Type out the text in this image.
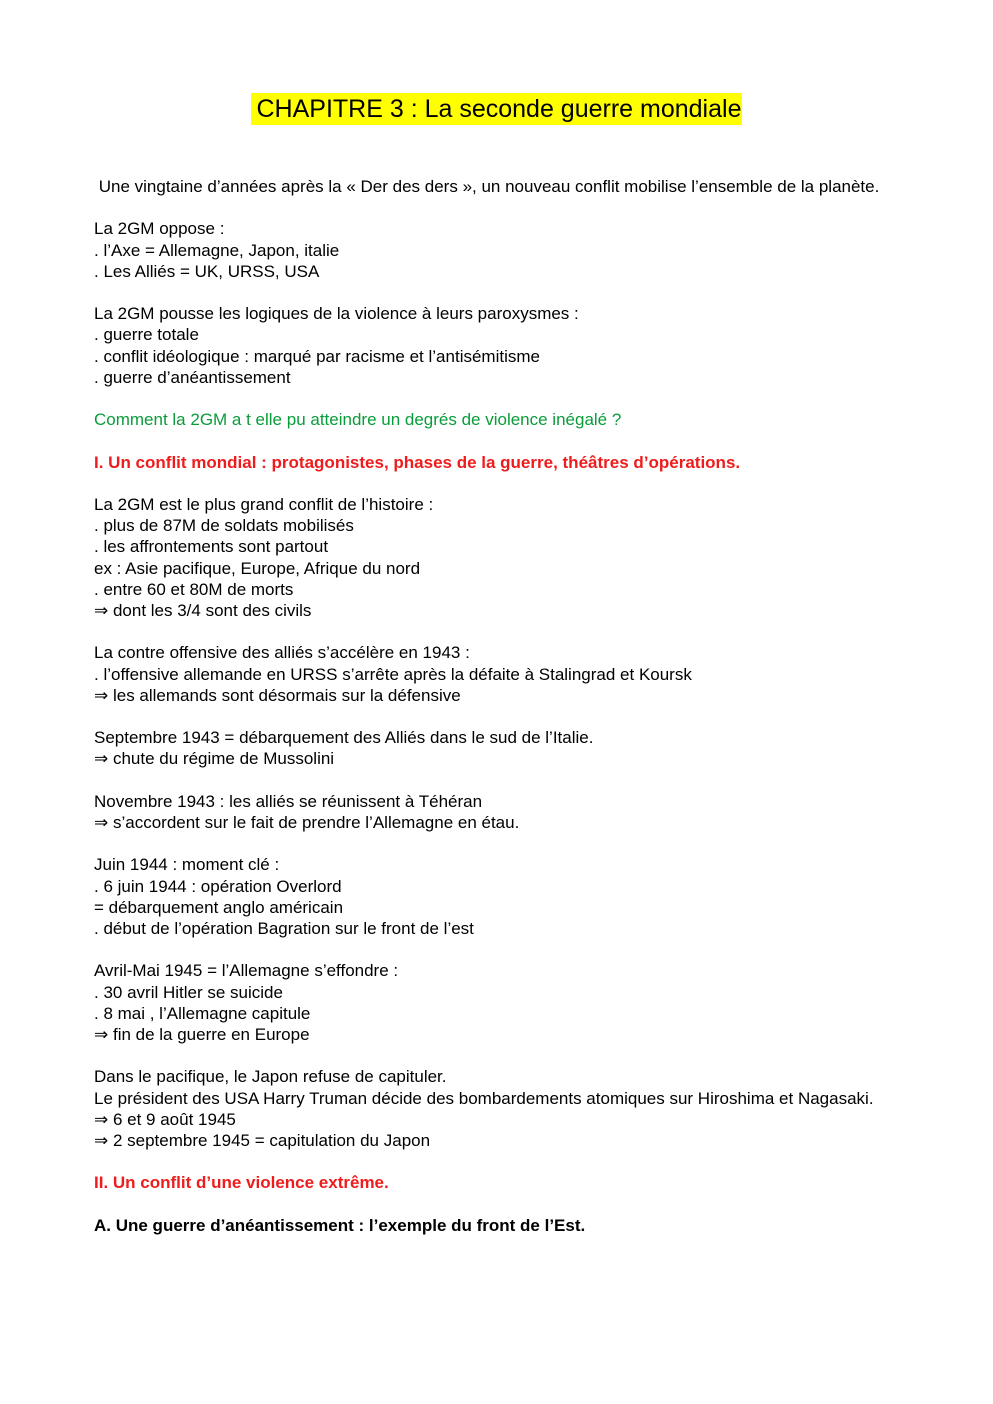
CHAPITRE 3 : La seconde guerre mondiale

Une vingtaine d’années après la « Der des ders », un nouveau conflit mobilise l’ensemble de la planète.

La 2GM oppose :
. l’Axe = Allemagne, Japon, italie
. Les Alliés = UK, URSS, USA

La 2GM pousse les logiques de la violence à leurs paroxysmes :
. guerre totale
. conflit idéologique : marqué par racisme et l’antisémitisme
. guerre d’anéantissement

Comment la 2GM a t elle pu atteindre un degrés de violence inégalé ?

I. Un conflit mondial : protagonistes, phases de la guerre, théâtres d’opérations.

La 2GM est le plus grand conflit de l’histoire :
. plus de 87M de soldats mobilisés
. les affrontements sont partout
ex : Asie pacifique, Europe, Afrique du nord
. entre 60 et 80M de morts
⇒ dont les 3/4 sont des civils

La contre offensive des alliés s’accélère en 1943 :
. l’offensive allemande en URSS s’arrête après la défaite à Stalingrad et Koursk
⇒ les allemands sont désormais sur la défensive

Septembre 1943 = débarquement des Alliés dans le sud de l’Italie.
⇒ chute du régime de Mussolini

Novembre 1943 : les alliés se réunissent à Téhéran
⇒ s’accordent sur le fait de prendre l’Allemagne en étau.

Juin 1944 : moment clé :
. 6 juin 1944 : opération Overlord
= débarquement anglo américain
. début de l’opération Bagration sur le front de l’est

Avril-Mai 1945 = l’Allemagne s’effondre :
. 30 avril Hitler se suicide
. 8 mai , l’Allemagne capitule
⇒ fin de la guerre en Europe

Dans le pacifique, le Japon refuse de capituler.
Le président des USA Harry Truman décide des bombardements atomiques sur Hiroshima et Nagasaki.
⇒ 6 et 9 août 1945
⇒ 2 septembre 1945 = capitulation du Japon

II. Un conflit d’une violence extrême.

A. Une guerre d’anéantissement : l’exemple du front de l’Est.
